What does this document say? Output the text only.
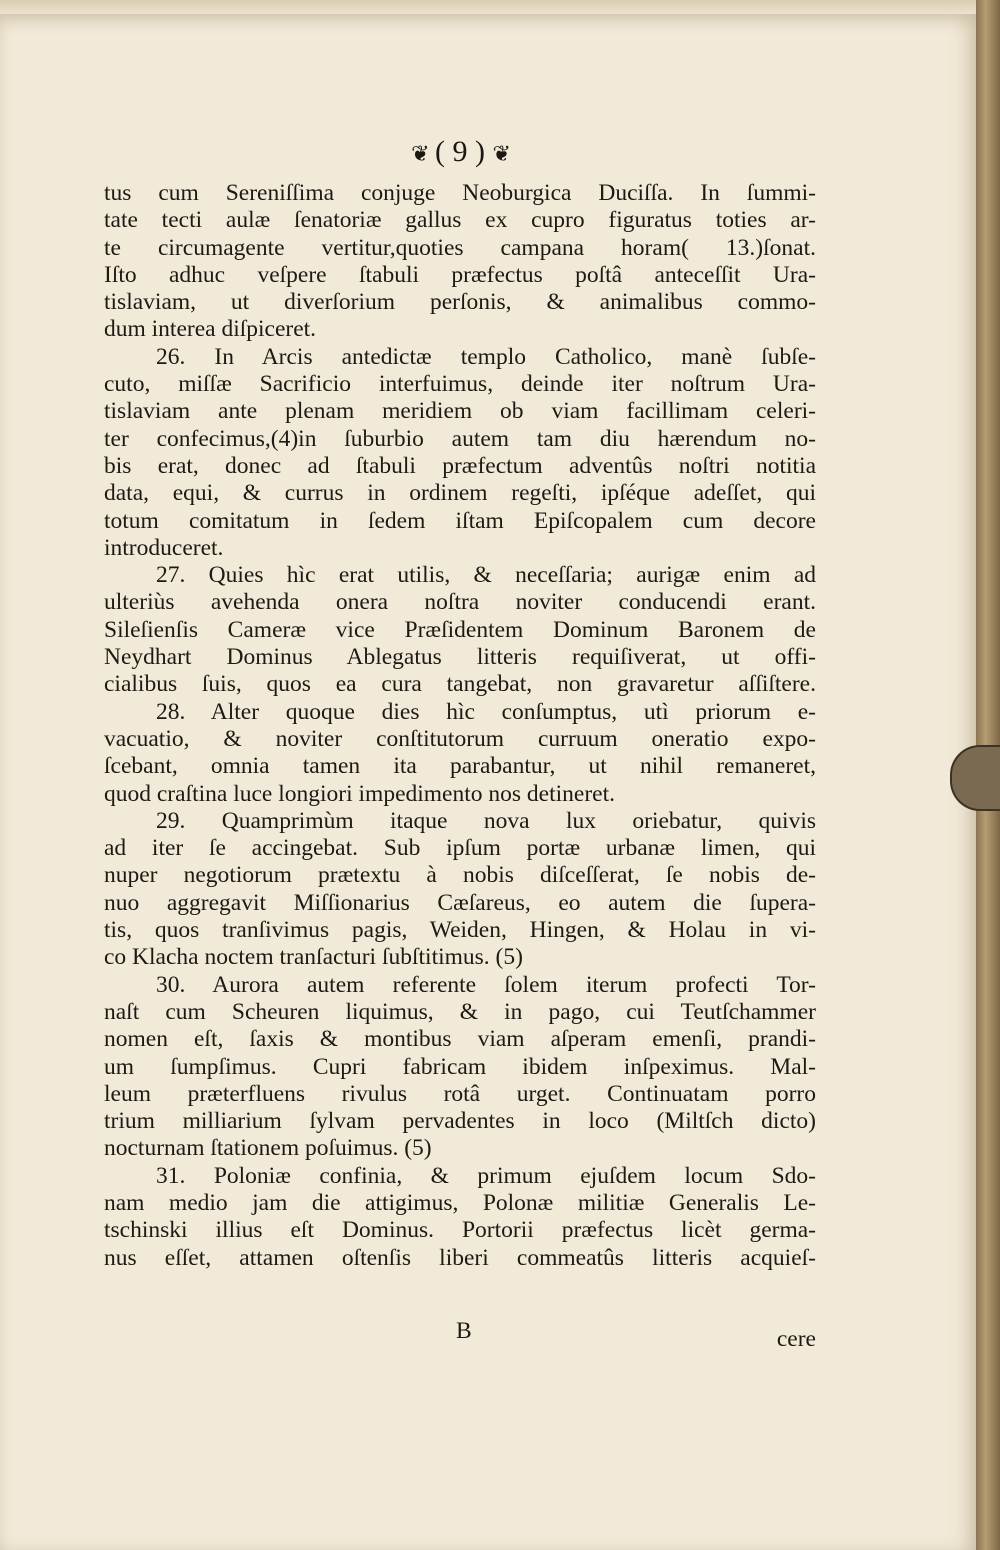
❦ ( 9 ) ❦
tus cum Sereniſſima conjuge Neoburgica Duciſſa. In ſummi-
tate tecti aulæ ſenatoriæ gallus ex cupro figuratus toties ar-
te circumagente vertitur,quoties campana horam( 13.)ſonat.
Iſto adhuc veſpere ſtabuli præfectus poſtâ anteceſſit Ura-
tislaviam, ut diverſorium perſonis, & animalibus commo-
dum interea diſpiceret.
26. In Arcis antedictæ templo Catholico, manè ſubſe-
cuto, miſſæ Sacrificio interfuimus, deinde iter noſtrum Ura-
tislaviam ante plenam meridiem ob viam facillimam celeri-
ter confecimus,(4)in ſuburbio autem tam diu hærendum no-
bis erat, donec ad ſtabuli præfectum adventûs noſtri notitia
data, equi, & currus in ordinem regeſti, ipſéque adeſſet, qui
totum comitatum in ſedem iſtam Epiſcopalem cum decore
introduceret.
27. Quies hìc erat utilis, & neceſſaria; aurigæ enim ad
ulteriùs avehenda onera noſtra noviter conducendi erant.
Sileſienſis Cameræ vice Præſidentem Dominum Baronem de
Neydhart Dominus Ablegatus litteris requiſiverat, ut offi-
cialibus ſuis, quos ea cura tangebat, non gravaretur aſſiſtere.
28. Alter quoque dies hìc conſumptus, utì priorum e-
vacuatio, & noviter conſtitutorum curruum oneratio expo-
ſcebant, omnia tamen ita parabantur, ut nihil remaneret,
quod craſtina luce longiori impedimento nos detineret.
29. Quamprimùm itaque nova lux oriebatur, quivis
ad iter ſe accingebat. Sub ipſum portæ urbanæ limen, qui
nuper negotiorum prætextu à nobis diſceſſerat, ſe nobis de-
nuo aggregavit Miſſionarius Cæſareus, eo autem die ſupera-
tis, quos tranſivimus pagis, Weiden, Hingen, & Holau in vi-
co Klacha noctem tranſacturi ſubſtitimus. (5)
30. Aurora autem referente ſolem iterum profecti Tor-
naſt cum Scheuren liquimus, & in pago, cui Teutſchammer
nomen eſt, ſaxis & montibus viam aſperam emenſi, prandi-
um ſumpſimus. Cupri fabricam ibidem inſpeximus. Mal-
leum præterfluens rivulus rotâ urget. Continuatam porro
trium milliarium ſylvam pervadentes in loco (Miltſch dicto)
nocturnam ſtationem poſuimus. (5)
31. Poloniæ confinia, & primum ejuſdem locum Sdo-
nam medio jam die attigimus, Polonæ militiæ Generalis Le-
tschinski illius eſt Dominus. Portorii præfectus licèt germa-
nus eſſet, attamen oſtenſis liberi commeatûs litteris acquieſ-
B	cere
